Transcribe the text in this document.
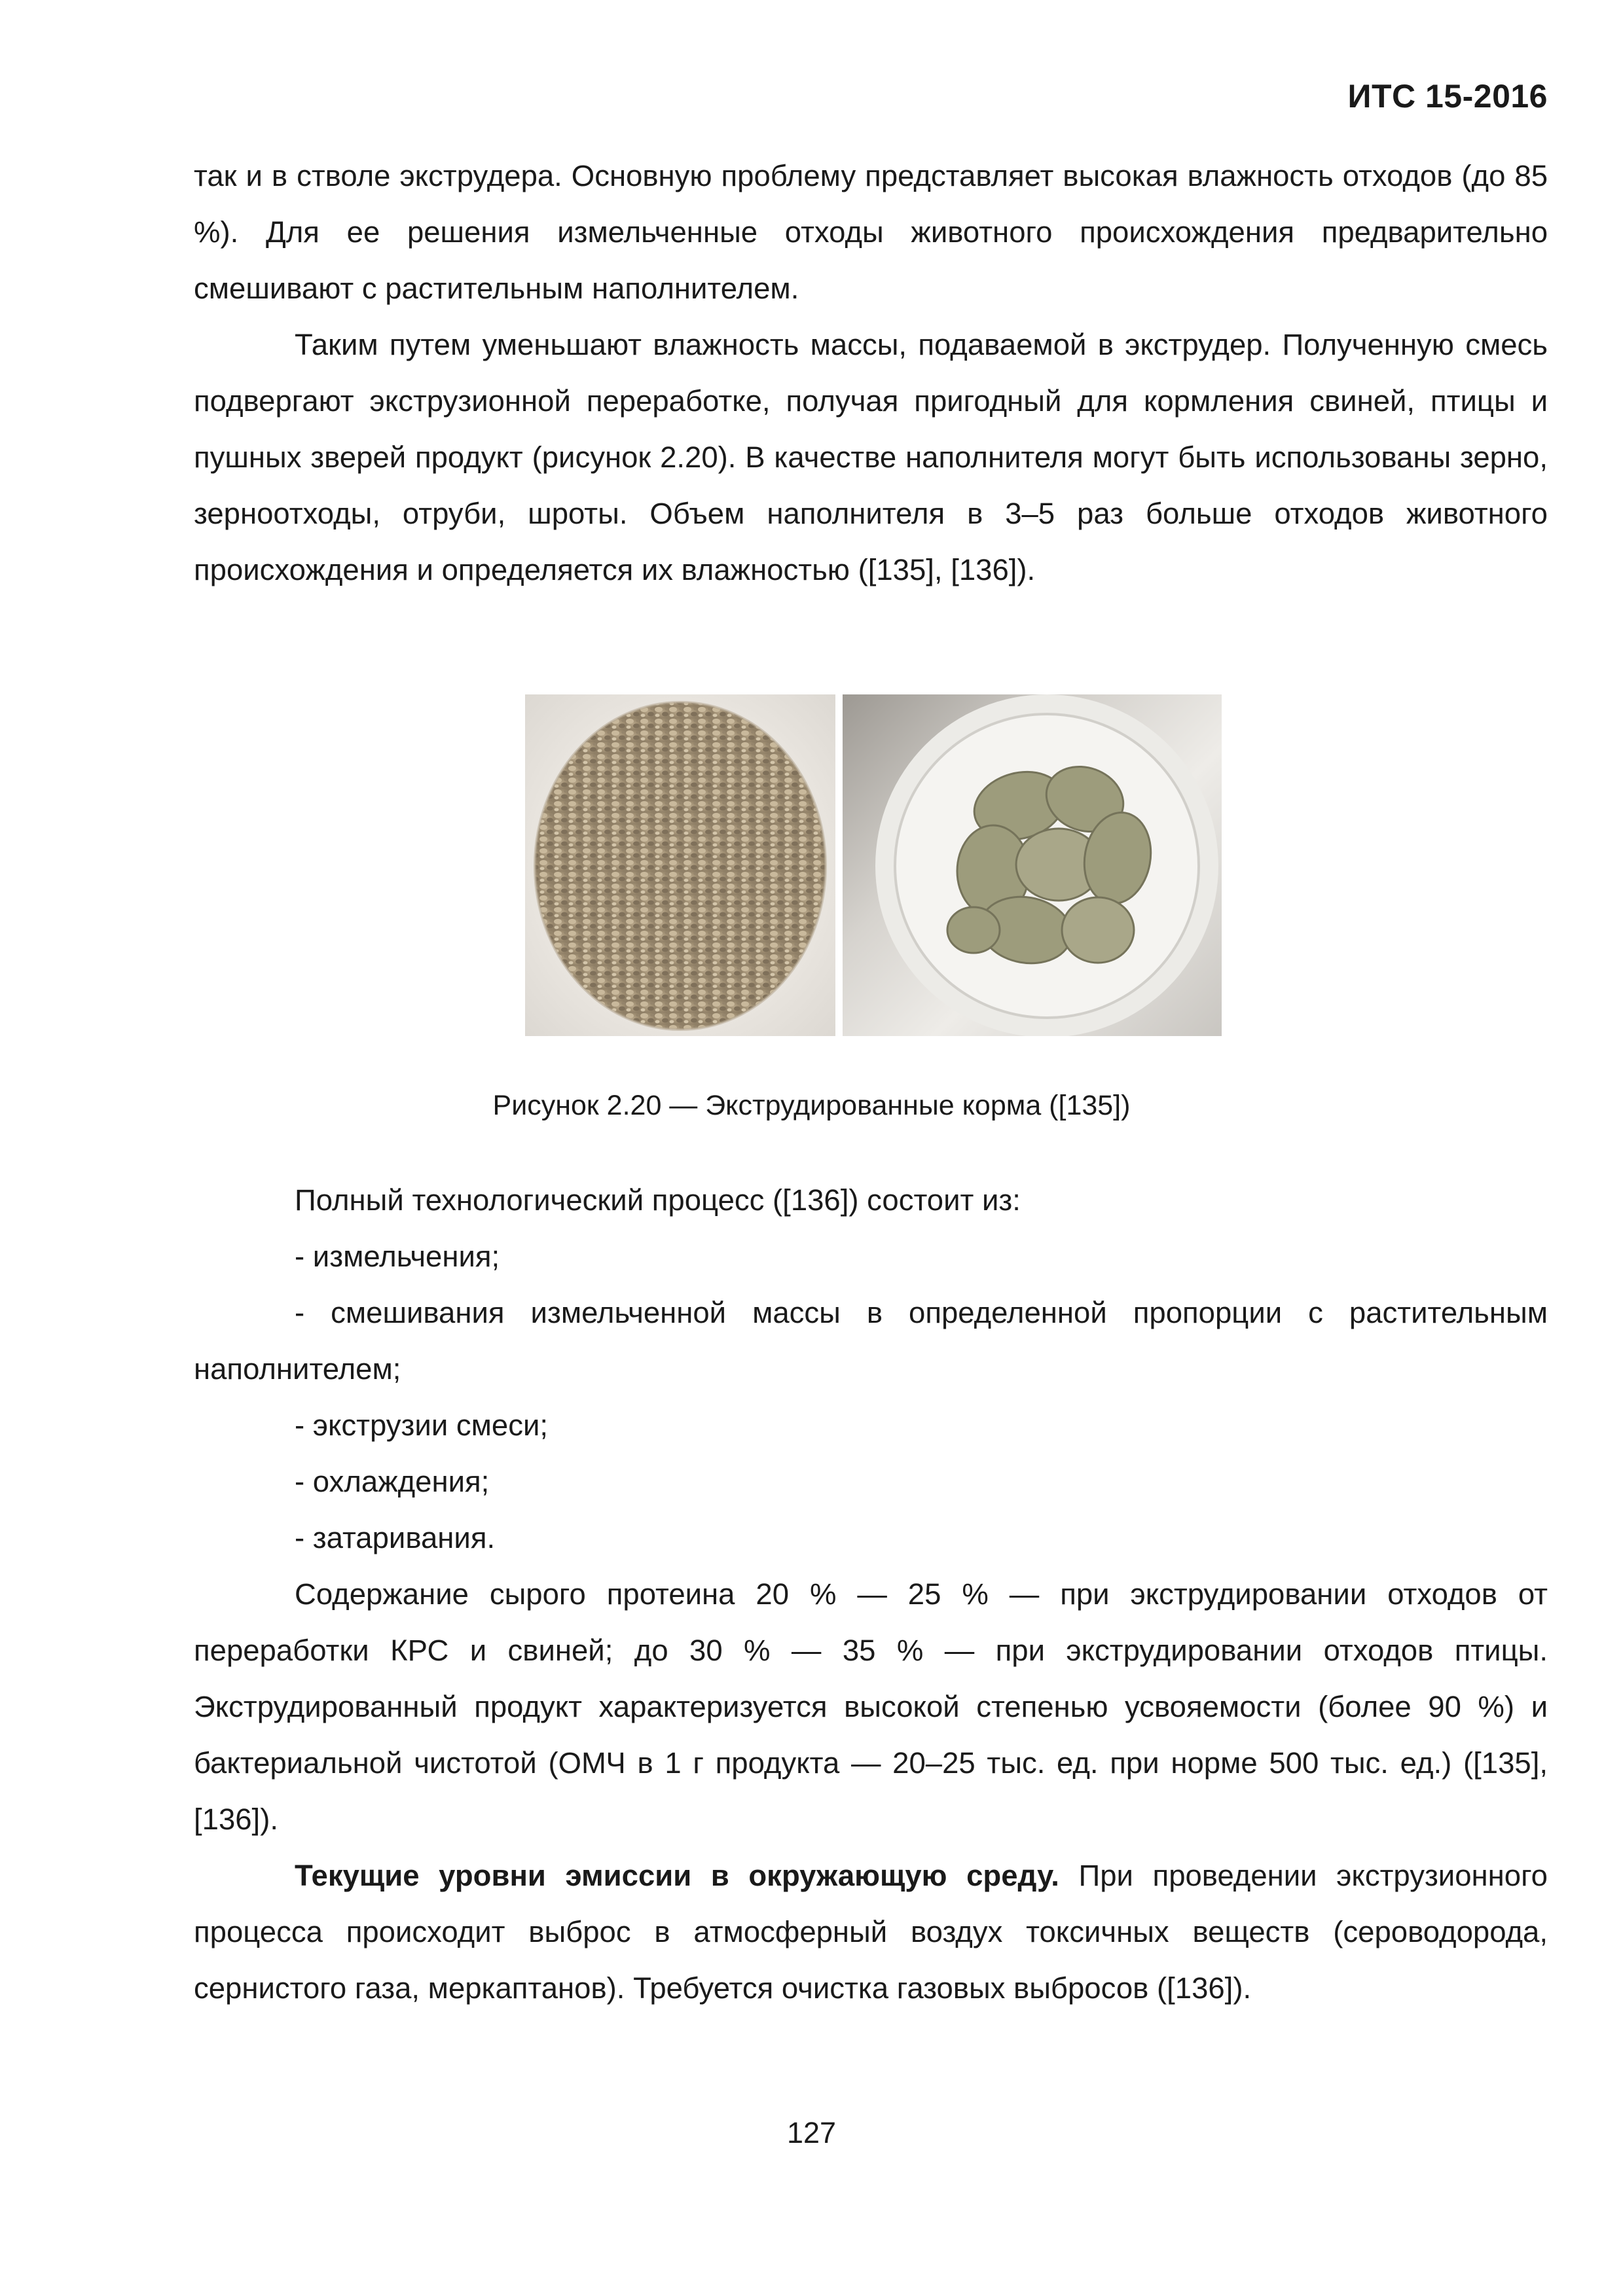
ИТС 15-2016

так и в стволе экструдера. Основную проблему представляет высокая влажность отходов (до 85 %). Для ее решения измельченные отходы животного происхождения предварительно смешивают с растительным наполнителем.

Таким путем уменьшают влажность массы, подаваемой в экструдер. Полученную смесь подвергают экструзионной переработке, получая пригодный для кормления свиней, птицы и пушных зверей продукт (рисунок 2.20). В качестве наполнителя могут быть использованы зерно, зерноотходы, отруби, шроты. Объем наполнителя в 3–5 раз больше отходов животного происхождения и определяется их влажностью ([135], [136]).

Рисунок 2.20 — Экструдированные корма ([135])

Полный технологический процесс ([136]) состоит из:

- измельчения;

- смешивания измельченной массы в определенной пропорции с растительным наполнителем;

- экструзии смеси;

- охлаждения;

- затаривания.

Содержание сырого протеина 20 % — 25 % — при экструдировании отходов от переработки КРС и свиней; до 30 % — 35 % — при экструдировании отходов птицы. Экструдированный продукт характеризуется высокой степенью усвояемости (более 90 %) и бактериальной чистотой (ОМЧ в 1 г продукта — 20–25 тыс. ед. при норме 500 тыс. ед.) ([135], [136]).

Текущие уровни эмиссии в окружающую среду. При проведении экструзионного процесса происходит выброс в атмосферный воздух токсичных веществ (сероводорода, сернистого газа, меркаптанов). Требуется очистка газовых выбросов ([136]).

127
